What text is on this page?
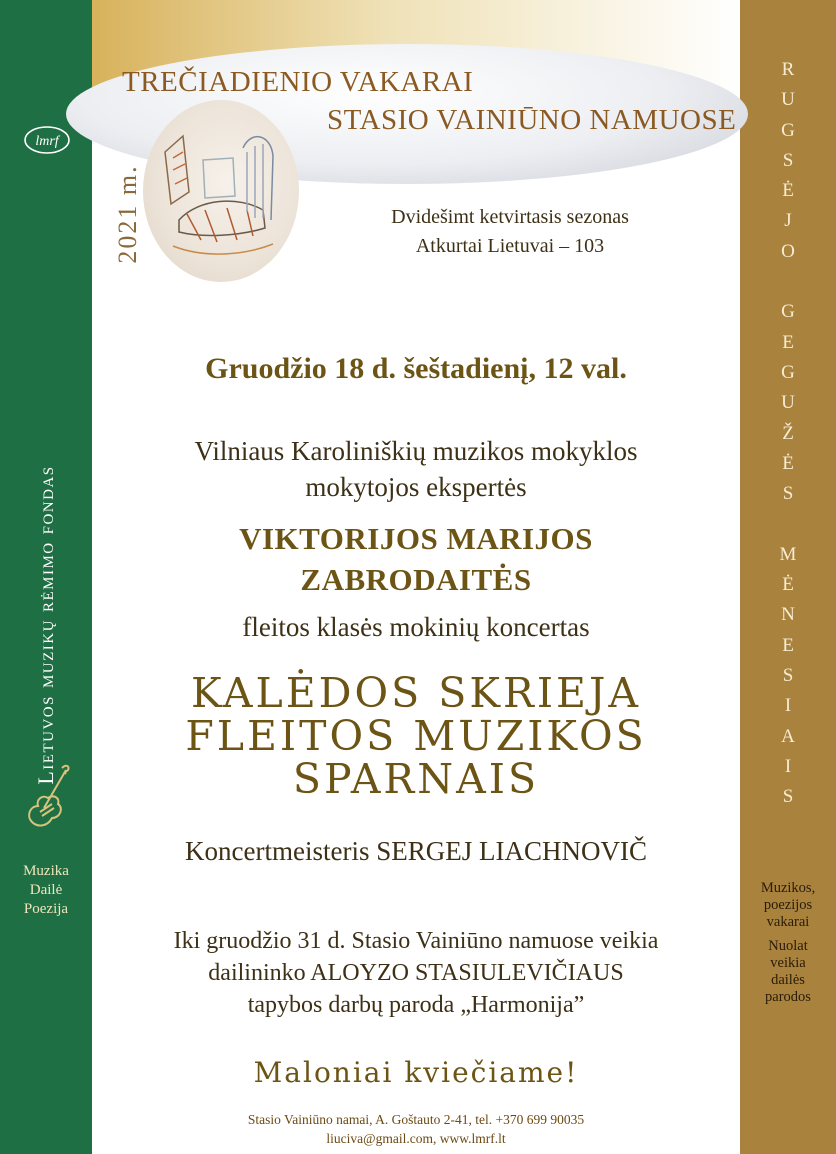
lmrf
Lietuvos muzikų rėmimo fondas
Muzika
Dailė
Poezija
R
U
G
S
Ė
J
O

G
E
G
U
Ž
Ė
S

M
Ė
N
E
S
I
A
I
S
Muzikos,
poezijos
vakarai
Nuolat
veikia
dailės
parodos
TREČIADIENIO VAKARAI
STASIO VAINIŪNO NAMUOSE
2021 m.	Dvidešimt ketvirtasis sezonas
Atkurtai Lietuvai – 103
Gruodžio 18 d. šeštadienį, 12 val.
Vilniaus Karoliniškių muzikos mokyklos
mokytojos ekspertės
VIKTORIJOS MARIJOS
ZABRODAITĖS
fleitos klasės mokinių koncertas
KALĖDOS SKRIEJA
FLEITOS MUZIKOS
SPARNAIS
Koncertmeisteris SERGEJ LIACHNOVIČ
Iki gruodžio 31 d. Stasio Vainiūno namuose veikia
dailininko ALOYZO STASIULEVIČIAUS
tapybos darbų paroda „Harmonija”
Maloniai kviečiame!
Stasio Vainiūno namai, A. Goštauto 2-41, tel. +370 699 90035
liuciva@gmail.com, www.lmrf.lt
